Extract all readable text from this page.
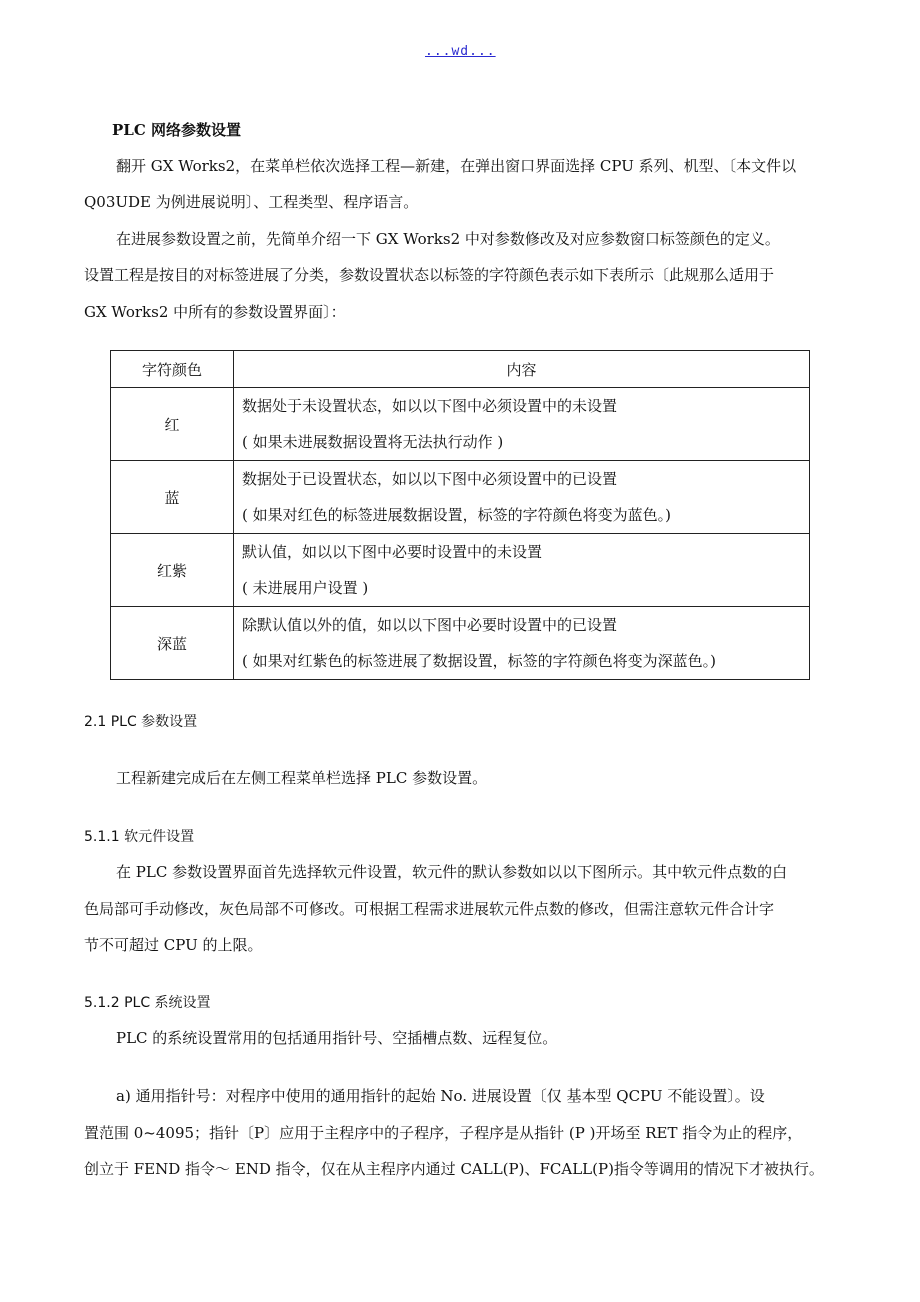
...wd...
PLC 网络参数设置
翻开 GX Works2，在菜单栏依次选择工程—新建，在弹出窗口界面选择 CPU 系列、机型、〔本文件以
Q03UDE 为例进展说明〕、工程类型、程序语言。
在进展参数设置之前，先简单介绍一下 GX Works2 中对参数修改及对应参数窗口标签颜色的定义。
设置工程是按目的对标签进展了分类，参数设置状态以标签的字符颜色表示如下表所示〔此规那么适用于
GX Works2 中所有的参数设置界面〕：
字符颜色	内容
红	数据处于未设置状态，如以以下图中必须设置中的未设置
( 如果未进展数据设置将无法执行动作 )

蓝	数据处于已设置状态，如以以下图中必须设置中的已设置
( 如果对红色的标签进展数据设置，标签的字符颜色将变为蓝色。)

红紫	默认值，如以以下图中必要时设置中的未设置
( 未进展用户设置 )

深蓝	除默认值以外的值，如以以下图中必要时设置中的已设置
( 如果对红紫色的标签进展了数据设置，标签的字符颜色将变为深蓝色。)
2.1 PLC 参数设置
工程新建完成后在左侧工程菜单栏选择 PLC 参数设置。
5.1.1 软元件设置
在 PLC 参数设置界面首先选择软元件设置，软元件的默认参数如以以下图所示。其中软元件点数的白
色局部可手动修改，灰色局部不可修改。可根据工程需求进展软元件点数的修改，但需注意软元件合计字
节不可超过 CPU 的上限。
5.1.2 PLC 系统设置
PLC 的系统设置常用的包括通用指针号、空插槽点数、远程复位。
a) 通用指针号：对程序中使用的通用指针的起始 No. 进展设置〔仅 基本型 QCPU 不能设置〕。设
置范围 0~4095；指针〔P〕应用于主程序中的子程序，子程序是从指针 (P )开场至 RET 指令为止的程序，
创立于 FEND 指令～ END 指令，仅在从主程序内通过 CALL(P)、FCALL(P)指令等调用的情况下才被执行。
